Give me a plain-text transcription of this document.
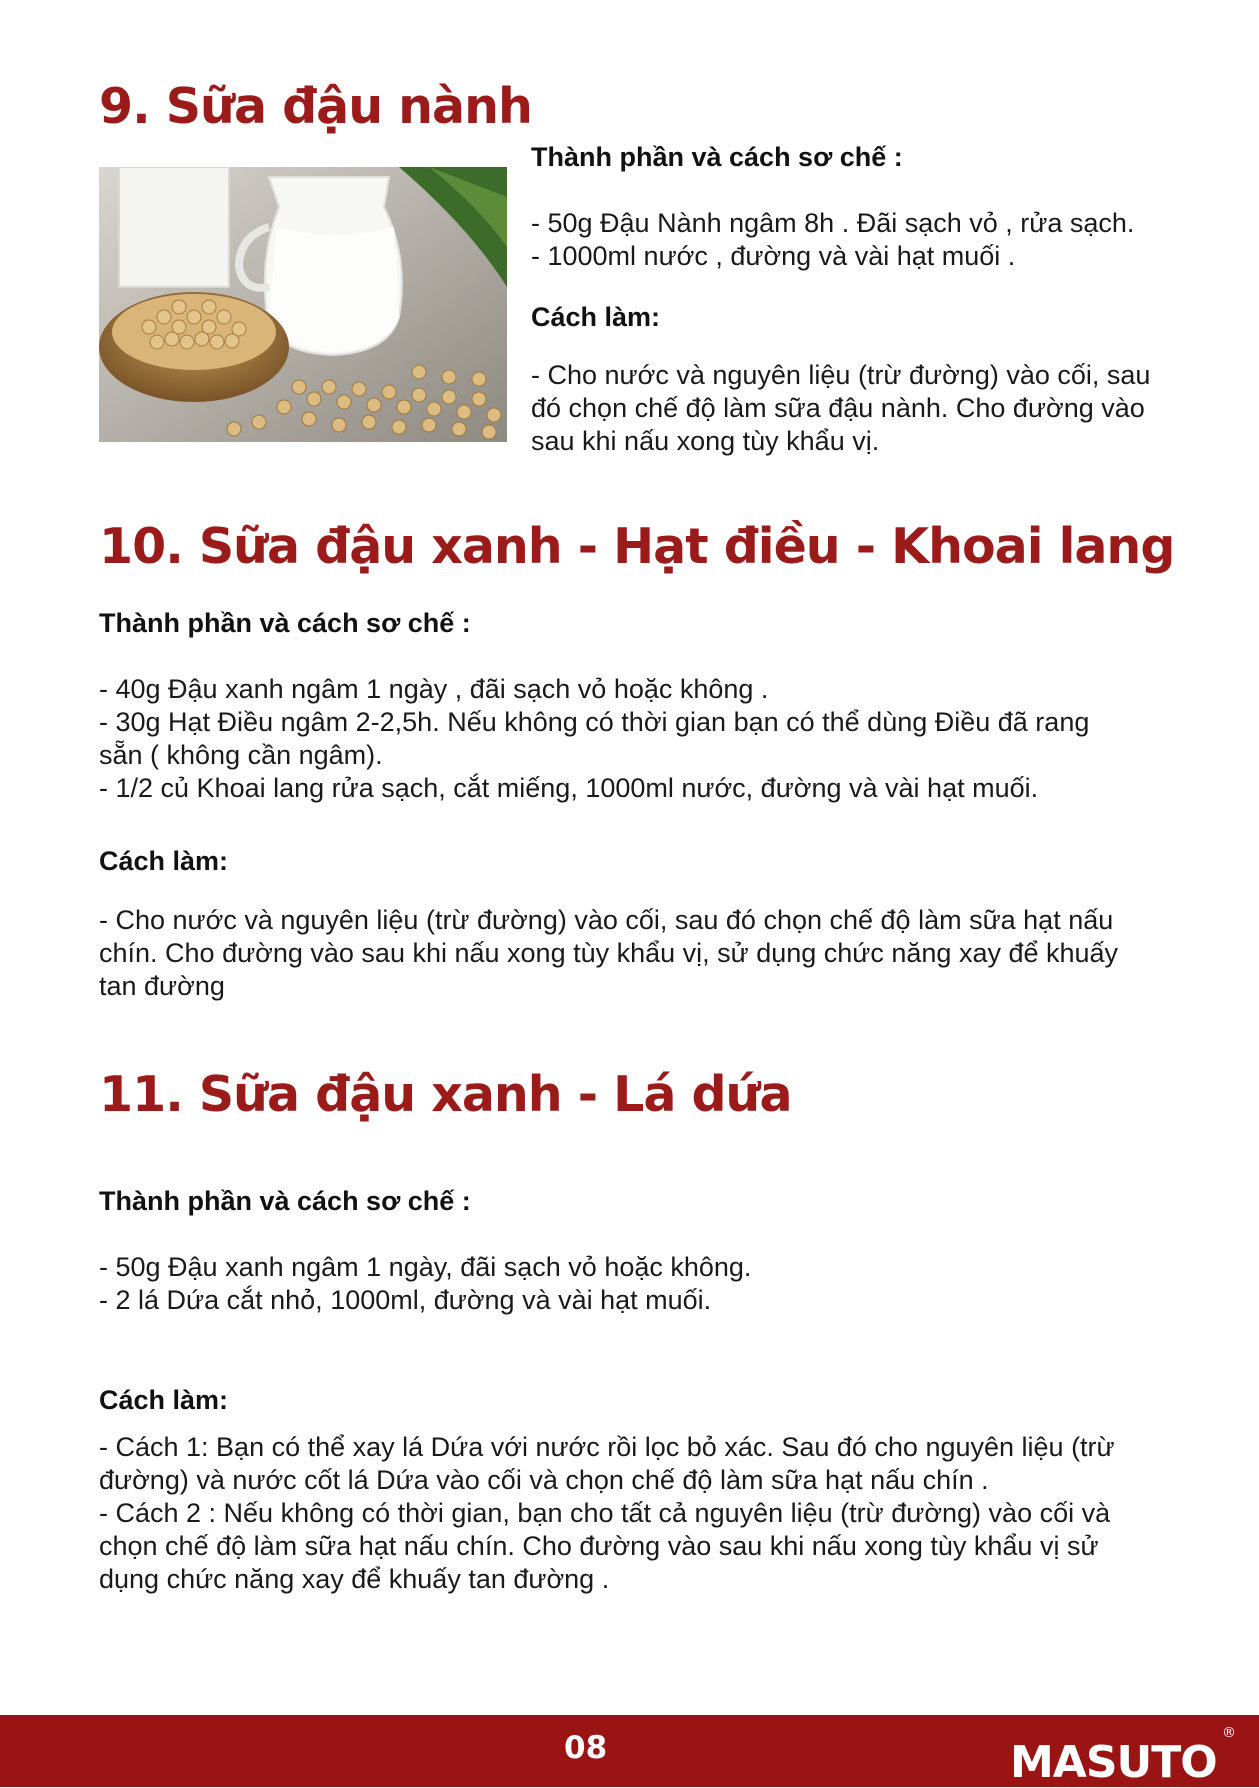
9. Sữa đậu nành

Thành phần và cách sơ chế :

- 50g Đậu Nành ngâm 8h . Đãi sạch vỏ , rửa sạch.

- 1000ml nước , đường và vài hạt muối .

Cách làm:

- Cho nước và nguyên liệu (trừ đường) vào cối, sau

đó chọn chế độ làm sữa đậu nành. Cho đường vào

sau khi nấu xong tùy khẩu vị.

10. Sữa đậu xanh - Hạt điều - Khoai lang

Thành phần và cách sơ chế :

- 40g Đậu xanh ngâm 1 ngày , đãi sạch vỏ hoặc không .

- 30g Hạt Điều ngâm 2-2,5h. Nếu không có thời gian bạn có thể dùng Điều đã rang

sẵn ( không cần ngâm).

- 1/2 củ Khoai lang rửa sạch, cắt miếng, 1000ml nước, đường và vài hạt muối.

Cách làm:

- Cho nước và nguyên liệu (trừ đường) vào cối, sau đó chọn chế độ làm sữa hạt nấu

chín. Cho đường vào sau khi nấu xong tùy khẩu vị, sử dụng chức năng xay để khuấy

tan đường

11. Sữa đậu xanh - Lá dứa

Thành phần và cách sơ chế :

- 50g Đậu xanh ngâm 1 ngày, đãi sạch vỏ hoặc không.

- 2 lá Dứa cắt nhỏ, 1000ml, đường và vài hạt muối.

Cách làm:

- Cách 1: Bạn có thể xay lá Dứa với nước rồi lọc bỏ xác. Sau đó cho nguyên liệu (trừ

đường) và nước cốt lá Dứa vào cối và chọn chế độ làm sữa hạt nấu chín .

- Cách 2 : Nếu không có thời gian, bạn cho tất cả nguyên liệu (trừ đường) vào cối và

chọn chế độ làm sữa hạt nấu chín. Cho đường vào sau khi nấu xong tùy khẩu vị sử

dụng chức năng xay để khuấy tan đường .

08	MASUTO
®
